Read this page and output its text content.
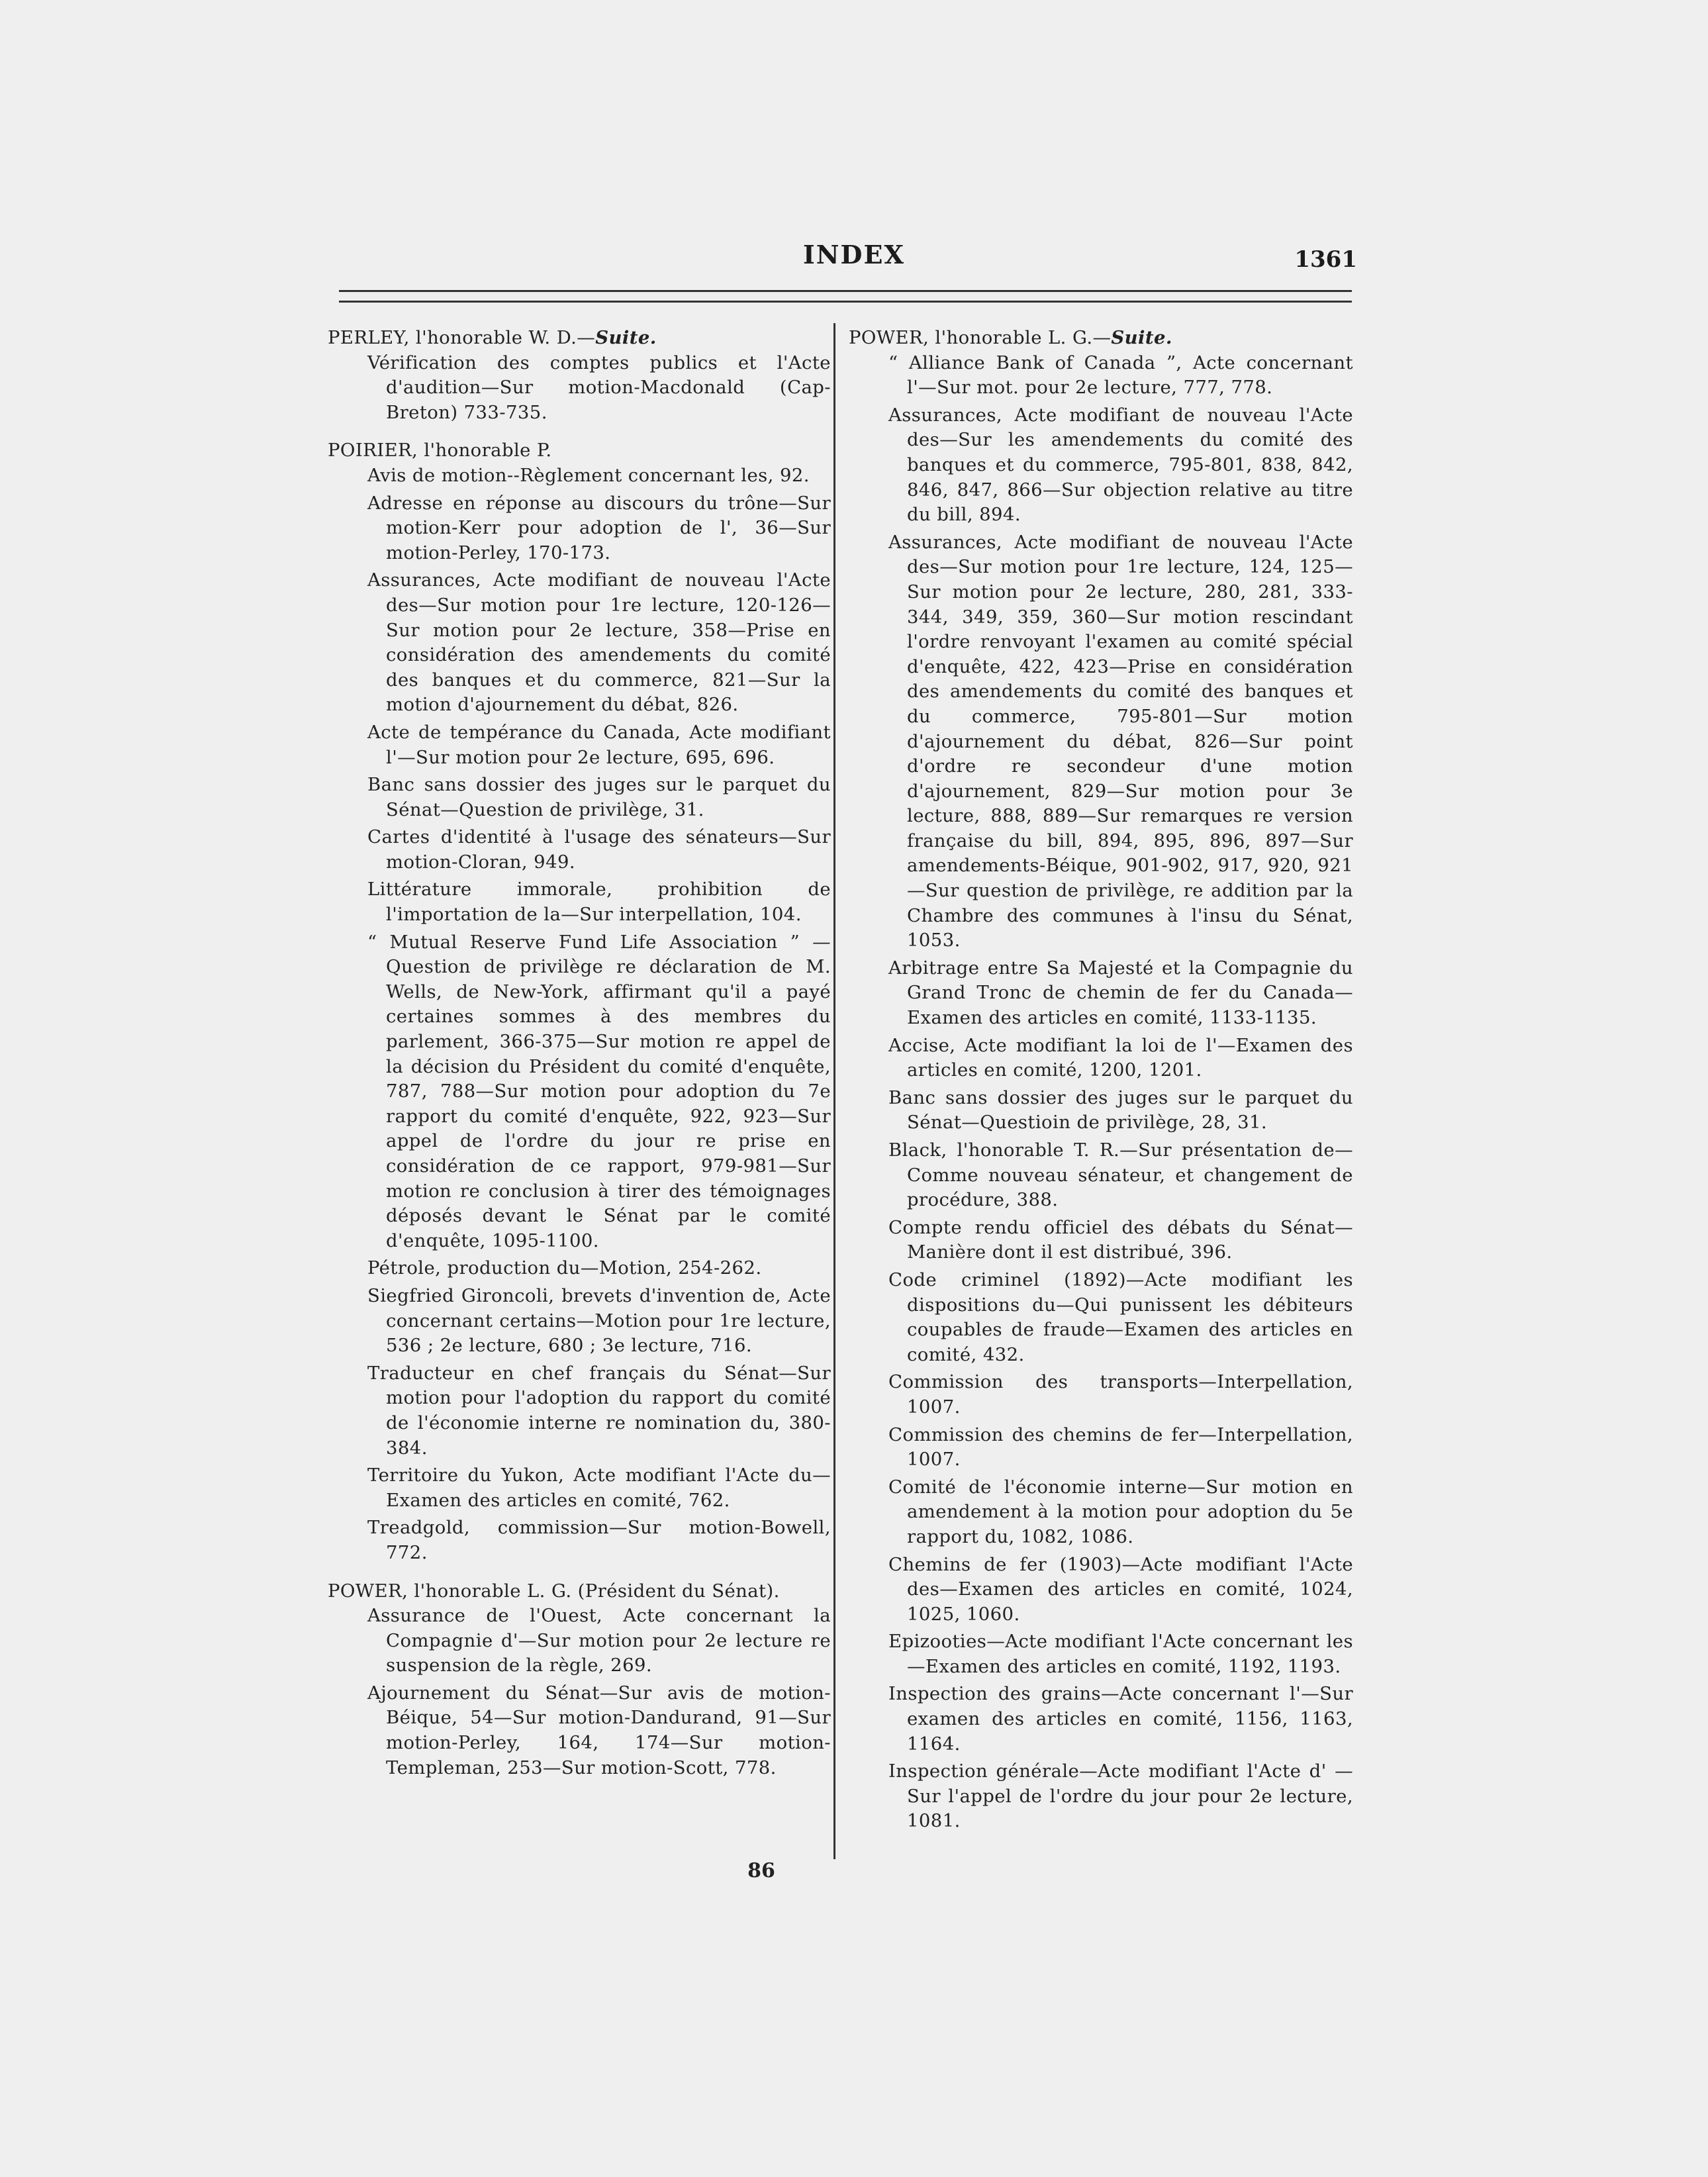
INDEX	1361
PERLEY, l'honorable W. D.—Suite.
Vérification des comptes publics et l'Acte d'audition—Sur motion-Macdonald (Cap-Breton) 733-735.
POIRIER, l'honorable P.
Avis de motion--Règlement concernant les, 92.
Adresse en réponse au discours du trône—Sur motion-Kerr pour adoption de l', 36—Sur motion-Perley, 170-173.
Assurances, Acte modifiant de nouveau l'Acte des—Sur motion pour 1re lecture, 120-126—Sur motion pour 2e lecture, 358—Prise en considération des amendements du comité des banques et du commerce, 821—Sur la motion d'ajournement du débat, 826.
Acte de tempérance du Canada, Acte modifiant l'—Sur motion pour 2e lecture, 695, 696.
Banc sans dossier des juges sur le parquet du Sénat—Question de privilège, 31.
Cartes d'identité à l'usage des sénateurs—Sur motion-Cloran, 949.
Littérature immorale, prohibition de l'importation de la—Sur interpellation, 104.
“ Mutual Reserve Fund Life Association ” —Question de privilège re déclaration de M. Wells, de New-York, affirmant qu'il a payé certaines sommes à des membres du parlement, 366-375—Sur motion re appel de la décision du Président du comité d'enquête, 787, 788—Sur motion pour adoption du 7e rapport du comité d'enquête, 922, 923—Sur appel de l'ordre du jour re prise en considération de ce rapport, 979-981—Sur motion re conclusion à tirer des témoignages déposés devant le Sénat par le comité d'enquête, 1095-1100.
Pétrole, production du—Motion, 254-262.
Siegfried Gironcoli, brevets d'invention de, Acte concernant certains—Motion pour 1re lecture, 536 ; 2e lecture, 680 ; 3e lecture, 716.
Traducteur en chef français du Sénat—Sur motion pour l'adoption du rapport du comité de l'économie interne re nomination du, 380-384.
Territoire du Yukon, Acte modifiant l'Acte du—Examen des articles en comité, 762.
Treadgold, commission—Sur motion-Bowell, 772.
POWER, l'honorable L. G. (Président du Sénat).
Assurance de l'Ouest, Acte concernant la Compagnie d'—Sur motion pour 2e lecture re suspension de la règle, 269.
Ajournement du Sénat—Sur avis de motion-Béique, 54—Sur motion-Dandurand, 91—Sur motion-Perley, 164, 174—Sur motion-Templeman, 253—Sur motion-Scott, 778.
POWER, l'honorable L. G.—Suite.
“ Alliance Bank of Canada ”, Acte concernant l'—Sur mot. pour 2e lecture, 777, 778.
Assurances, Acte modifiant de nouveau l'Acte des—Sur les amendements du comité des banques et du commerce, 795-801, 838, 842, 846, 847, 866—Sur objection relative au titre du bill, 894.
Assurances, Acte modifiant de nouveau l'Acte des—Sur motion pour 1re lecture, 124, 125—Sur motion pour 2e lecture, 280, 281, 333-344, 349, 359, 360—Sur motion rescindant l'ordre renvoyant l'examen au comité spécial d'enquête, 422, 423—Prise en considération des amendements du comité des banques et du commerce, 795-801—Sur motion d'ajournement du débat, 826—Sur point d'ordre re secondeur d'une motion d'ajournement, 829—Sur motion pour 3e lecture, 888, 889—Sur remarques re version française du bill, 894, 895, 896, 897—Sur amendements-Béique, 901-902, 917, 920, 921—Sur question de privilège, re addition par la Chambre des communes à l'insu du Sénat, 1053.
Arbitrage entre Sa Majesté et la Compagnie du Grand Tronc de chemin de fer du Canada—Examen des articles en comité, 1133-1135.
Accise, Acte modifiant la loi de l'—Examen des articles en comité, 1200, 1201.
Banc sans dossier des juges sur le parquet du Sénat—Questioin de privilège, 28, 31.
Black, l'honorable T. R.—Sur présentation de—Comme nouveau sénateur, et changement de procédure, 388.
Compte rendu officiel des débats du Sénat—Manière dont il est distribué, 396.
Code criminel (1892)—Acte modifiant les dispositions du—Qui punissent les débiteurs coupables de fraude—Examen des articles en comité, 432.
Commission des transports—Interpellation, 1007.
Commission des chemins de fer—Interpellation, 1007.
Comité de l'économie interne—Sur motion en amendement à la motion pour adoption du 5e rapport du, 1082, 1086.
Chemins de fer (1903)—Acte modifiant l'Acte des—Examen des articles en comité, 1024, 1025, 1060.
Epizooties—Acte modifiant l'Acte concernant les—Examen des articles en comité, 1192, 1193.
Inspection des grains—Acte concernant l'—Sur examen des articles en comité, 1156, 1163, 1164.
Inspection générale—Acte modifiant l'Acte d' —Sur l'appel de l'ordre du jour pour 2e lecture, 1081.
86
